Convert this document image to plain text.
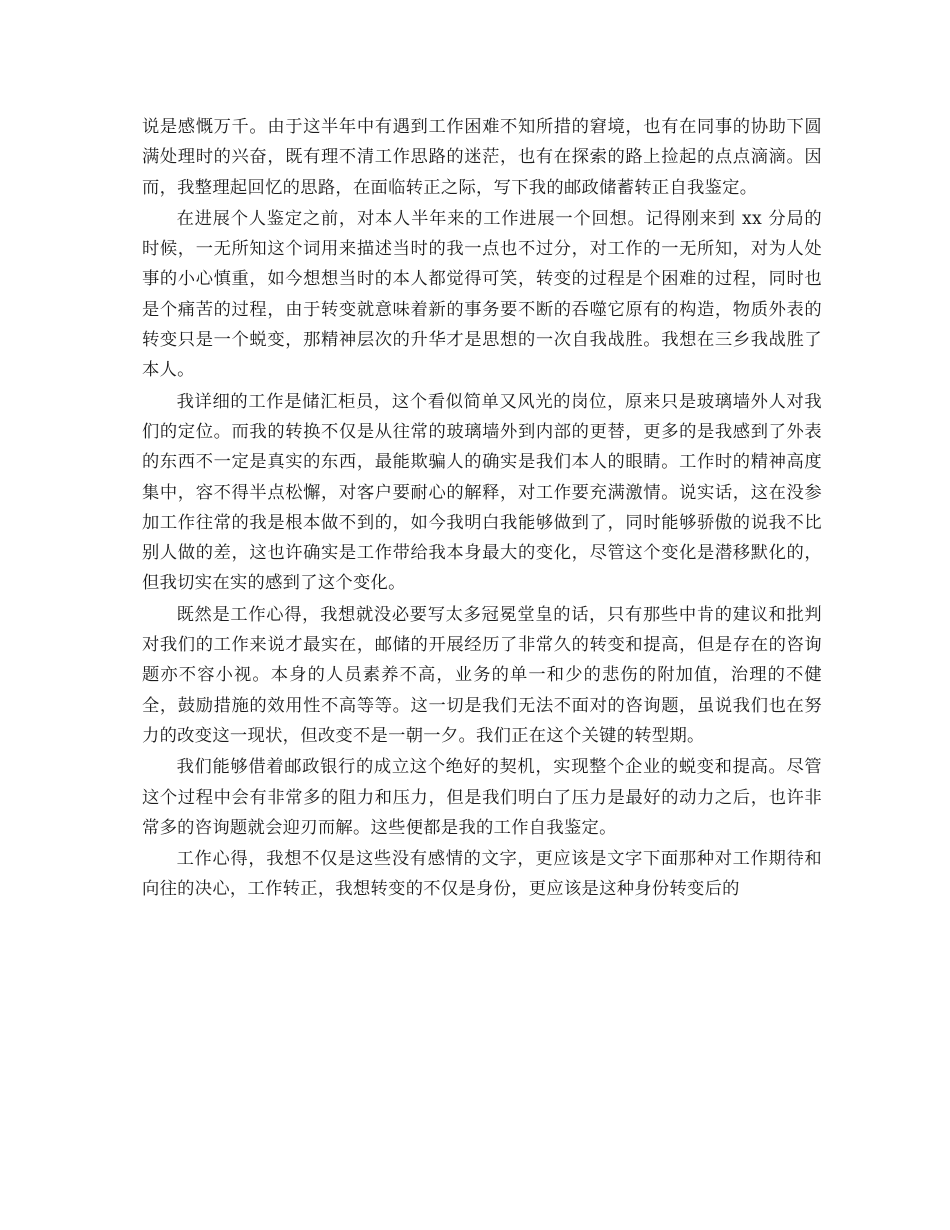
说是感慨万千。由于这半年中有遇到工作困难不知所措的窘境，也有在同事的协助下圆满处理时的兴奋，既有理不清工作思路的迷茫，也有在探索的路上捡起的点点滴滴。因而，我整理起回忆的思路，在面临转正之际，写下我的邮政储蓄转正自我鉴定。

在进展个人鉴定之前，对本人半年来的工作进展一个回想。记得刚来到 xx 分局的时候，一无所知这个词用来描述当时的我一点也不过分，对工作的一无所知，对为人处事的小心慎重，如今想想当时的本人都觉得可笑，转变的过程是个困难的过程，同时也是个痛苦的过程，由于转变就意味着新的事务要不断的吞噬它原有的构造，物质外表的转变只是一个蜕变，那精神层次的升华才是思想的一次自我战胜。我想在三乡我战胜了本人。

我详细的工作是储汇柜员，这个看似简单又风光的岗位，原来只是玻璃墙外人对我们的定位。而我的转换不仅是从往常的玻璃墙外到内部的更替，更多的是我感到了外表的东西不一定是真实的东西，最能欺骗人的确实是我们本人的眼睛。工作时的精神高度集中，容不得半点松懈，对客户要耐心的解释，对工作要充满激情。说实话，这在没参加工作往常的我是根本做不到的，如今我明白我能够做到了，同时能够骄傲的说我不比别人做的差，这也许确实是工作带给我本身最大的变化，尽管这个变化是潜移默化的，但我切实在实的感到了这个变化。

既然是工作心得，我想就没必要写太多冠冕堂皇的话，只有那些中肯的建议和批判对我们的工作来说才最实在，邮储的开展经历了非常久的转变和提高，但是存在的咨询题亦不容小视。本身的人员素养不高，业务的单一和少的悲伤的附加值，治理的不健全，鼓励措施的效用性不高等等。这一切是我们无法不面对的咨询题，虽说我们也在努力的改变这一现状，但改变不是一朝一夕。我们正在这个关键的转型期。

我们能够借着邮政银行的成立这个绝好的契机，实现整个企业的蜕变和提高。尽管这个过程中会有非常多的阻力和压力，但是我们明白了压力是最好的动力之后，也许非常多的咨询题就会迎刃而解。这些便都是我的工作自我鉴定。

工作心得，我想不仅是这些没有感情的文字，更应该是文字下面那种对工作期待和向往的决心，工作转正，我想转变的不仅是身份，更应该是这种身份转变后的
